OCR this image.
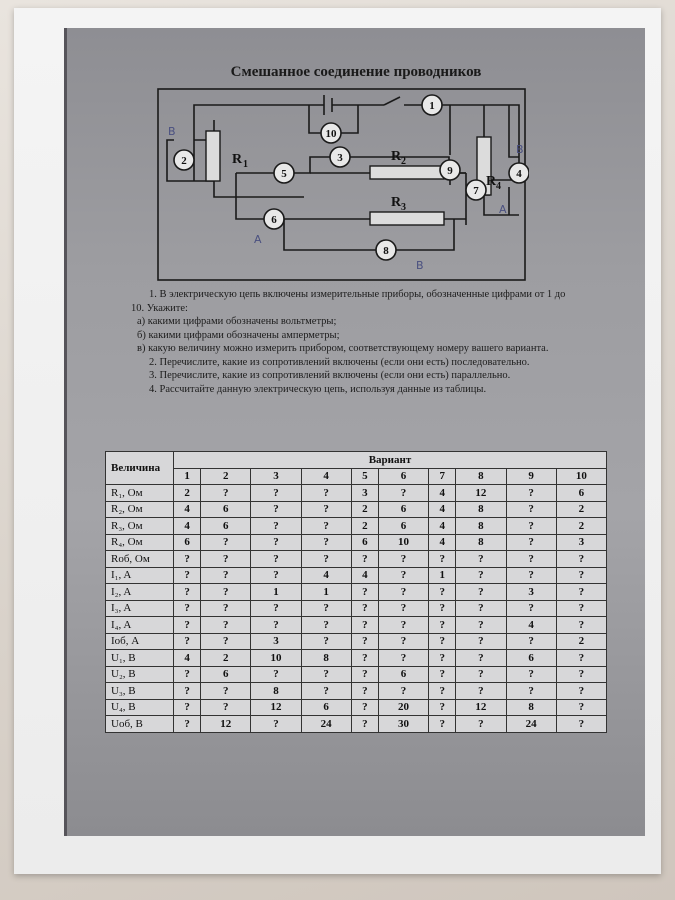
Смешанное соединение проводников
1
2	3
4
5
6
7
8
9
10
R 1
R 2
R 3
R 4
B
B
A
A
B

1. В электрическую цепь включены измерительные приборы, обозначенные цифрами от 1 до 10. Укажите:

а) какими цифрами обозначены вольтметры;

б) какими цифрами обозначены амперметры;

в) какую величину можно измерить прибором, соответствующему номеру вашего варианта.

2. Перечислите, какие из сопротивлений включены (если они есть) последовательно.

3. Перечислите, какие из сопротивлений включены (если они есть) параллельно.

4. Рассчитайте данную электрическую цепь, используя данные из таблицы.

Величина	Вариант									
	1	2	3	4	5	6	7	8	9	10
R₁, Ом	2	?	?	?	3	?	4	12	?	6
R₂, Ом	4	6	?	?	2	6	4	8	?	2
R₃, Ом	4	6	?	?	2	6	4	8	?	2
R₄, Ом	6	?	?	?	6	10	4	8	?	3
Rоб, Ом	?	?	?	?	?	?	?	?	?	?
I₁, A	?	?	?	4	4	?	1	?	?	?
I₂, A	?	?	1	1	?	?	?	?	3	?
I₃, A	?	?	?	?	?	?	?	?	?	?
I₄, A	?	?	?	?	?	?	?	?	4	?
Iоб, A	?	?	3	?	?	?	?	?	?	2
U₁, B	4	2	10	8	?	?	?	?	6	?
U₂, B	?	6	?	?	?	6	?	?	?	?
U₃, B	?	?	8	?	?	?	?	?	?	?
U₄, B	?	?	12	6	?	20	?	12	8	?
Uоб, B	?	12	?	24	?	30	?	?	24	?
